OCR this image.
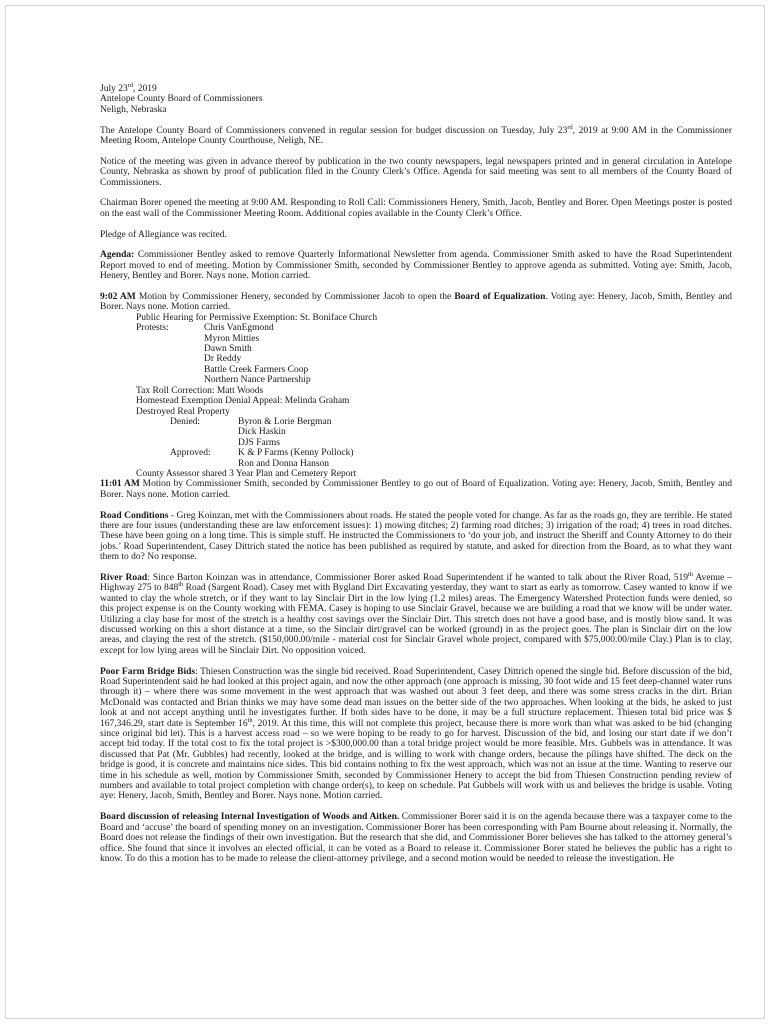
July 23rd, 2019
Antelope County Board of Commissioners
Neligh, Nebraska

The Antelope County Board of Commissioners convened in regular session for budget discussion on Tuesday, July 23rd, 2019 at 9:00 AM in the Commissioner Meeting Room, Antelope County Courthouse, Neligh, NE.

Notice of the meeting was given in advance thereof by publication in the two county newspapers, legal newspapers printed and in general circulation in Antelope County, Nebraska as shown by proof of publication filed in the County Clerk’s Office. Agenda for said meeting was sent to all members of the County Board of Commissioners.

Chairman Borer opened the meeting at 9:00 AM. Responding to Roll Call: Commissioners Henery, Smith, Jacob, Bentley and Borer. Open Meetings poster is posted on the east wall of the Commissioner Meeting Room. Additional copies available in the County Clerk’s Office.

Pledge of Allegiance was recited.

Agenda: Commissioner Bentley asked to remove Quarterly Informational Newsletter from agenda. Commissioner Smith asked to have the Road Superintendent Report moved to end of meeting. Motion by Commissioner Smith, seconded by Commissioner Bentley to approve agenda as submitted. Voting aye: Smith, Jacob, Henery, Bentley and Borer. Nays none. Motion carried.

9:02 AM Motion by Commissioner Henery, seconded by Commissioner Jacob to open the Board of Equalization. Voting aye: Henery, Jacob, Smith, Bentley and Borer. Nays none. Motion carried.

Public Hearing for Permissive Exemption: St. Boniface Church
Protests:	Chris VanEgmond
Myron Mitties
Dawn Smith
Dr Reddy
Battle Creek Farmers Coop
Northern Nance Partnership
Tax Roll Correction: Matt Woods
Homestead Exemption Denial Appeal: Melinda Graham
Destroyed Real Property
Denied:	Byron & Lorie Bergman
Dick Haskin
DJS Farms
Approved:	K & P Farms (Kenny Pollock)
Ron and Donna Hanson
County Assessor shared 3 Year Plan and Cemetery Report

11:01 AM Motion by Commissioner Smith, seconded by Commissioner Bentley to go out of Board of Equalization. Voting aye: Henery, Jacob, Smith, Bentley and Borer. Nays none. Motion carried.

Road Conditions - Greg Koinzan, met with the Commissioners about roads. He stated the people voted for change. As far as the roads go, they are terrible. He stated there are four issues (understanding these are law enforcement issues): 1) mowing ditches; 2) farming road ditches; 3) irrigation of the road; 4) trees in road ditches. These have been going on a long time. This is simple stuff. He instructed the Commissioners to ‘do your job, and instruct the Sheriff and County Attorney to do their jobs.’ Road Superintendent, Casey Dittrich stated the notice has been published as required by statute, and asked for direction from the Board, as to what they want them to do? No response.

River Road: Since Barton Koinzan was in attendance, Commissioner Borer asked Road Superintendent if he wanted to talk about the River Road, 519th Avenue – Highway 275 to 848th Road (Sargent Road). Casey met with Bygland Dirt Excavating yesterday, they want to start as early as tomorrow. Casey wanted to know if we wanted to clay the whole stretch, or if they want to lay Sinclair Dirt in the low lying (1.2 miles) areas. The Emergency Watershed Protection funds were denied, so this project expense is on the County working with FEMA. Casey is hoping to use Sinclair Gravel, because we are building a road that we know will be under water. Utilizing a clay base for most of the stretch is a healthy cost savings over the Sinclair Dirt. This stretch does not have a good base, and is mostly blow sand. It was discussed working on this a short distance at a time, so the Sinclair dirt/gravel can be worked (ground) in as the project goes. The plan is Sinclair dirt on the low areas, and claying the rest of the stretch. ($150,000.00/mile - material cost for Sinclair Gravel whole project, compared with $75,000.00/mile Clay.) Plan is to clay, except for low lying areas will be Sinclair Dirt. No opposition voiced.

Poor Farm Bridge Bids: Thiesen Construction was the single bid received. Road Superintendent, Casey Dittrich opened the single bid. Before discussion of the bid, Road Superintendent said he had looked at this project again, and now the other approach (one approach is missing, 30 foot wide and 15 feet deep-channel water runs through it) – where there was some movement in the west approach that was washed out about 3 feet deep, and there was some stress cracks in the dirt. Brian McDonald was contacted and Brian thinks we may have some dead man issues on the better side of the two approaches. When looking at the bids, he asked to just look at and not accept anything until he investigates further. If both sides have to be done, it may be a full structure replacement. Thiesen total bid price was $ 167,346.29, start date is September 16th, 2019. At this time, this will not complete this project, because there is more work than what was asked to be bid (changing since original bid let). This is a harvest access road – so we were hoping to be ready to go for harvest. Discussion of the bid, and losing our start date if we don’t accept bid today. If the total cost to fix the total project is >$300,000.00 than a total bridge project would be more feasible. Mrs. Gubbels was in attendance. It was discussed that Pat (Mr. Gubbles) had recently, looked at the bridge, and is willing to work with change orders, because the pilings have shifted. The deck on the bridge is good, it is concrete and maintains nice sides. This bid contains nothing to fix the west approach, which was not an issue at the time. Wanting to reserve our time in his schedule as well, motion by Commissioner Smith, seconded by Commissioner Henery to accept the bid from Thiesen Construction pending review of numbers and available to total project completion with change order(s), to keep on schedule. Pat Gubbels will work with us and believes the bridge is usable. Voting aye: Henery, Jacob, Smith, Bentley and Borer. Nays none. Motion carried.

Board discussion of releasing Internal Investigation of Woods and Aitken. Commissioner Borer said it is on the agenda because there was a taxpayer come to the Board and ‘accuse’ the board of spending money on an investigation. Commissioner Borer has been corresponding with Pam Bourne about releasing it. Normally, the Board does not release the findings of their own investigation. But the research that she did, and Commissioner Borer believes she has talked to the attorney general’s office. She found that since it involves an elected official, it can be voted as a Board to release it. Commissioner Borer stated he believes the public has a right to know. To do this a motion has to be made to release the client-attorney privilege, and a second motion would be needed to release the investigation. He
